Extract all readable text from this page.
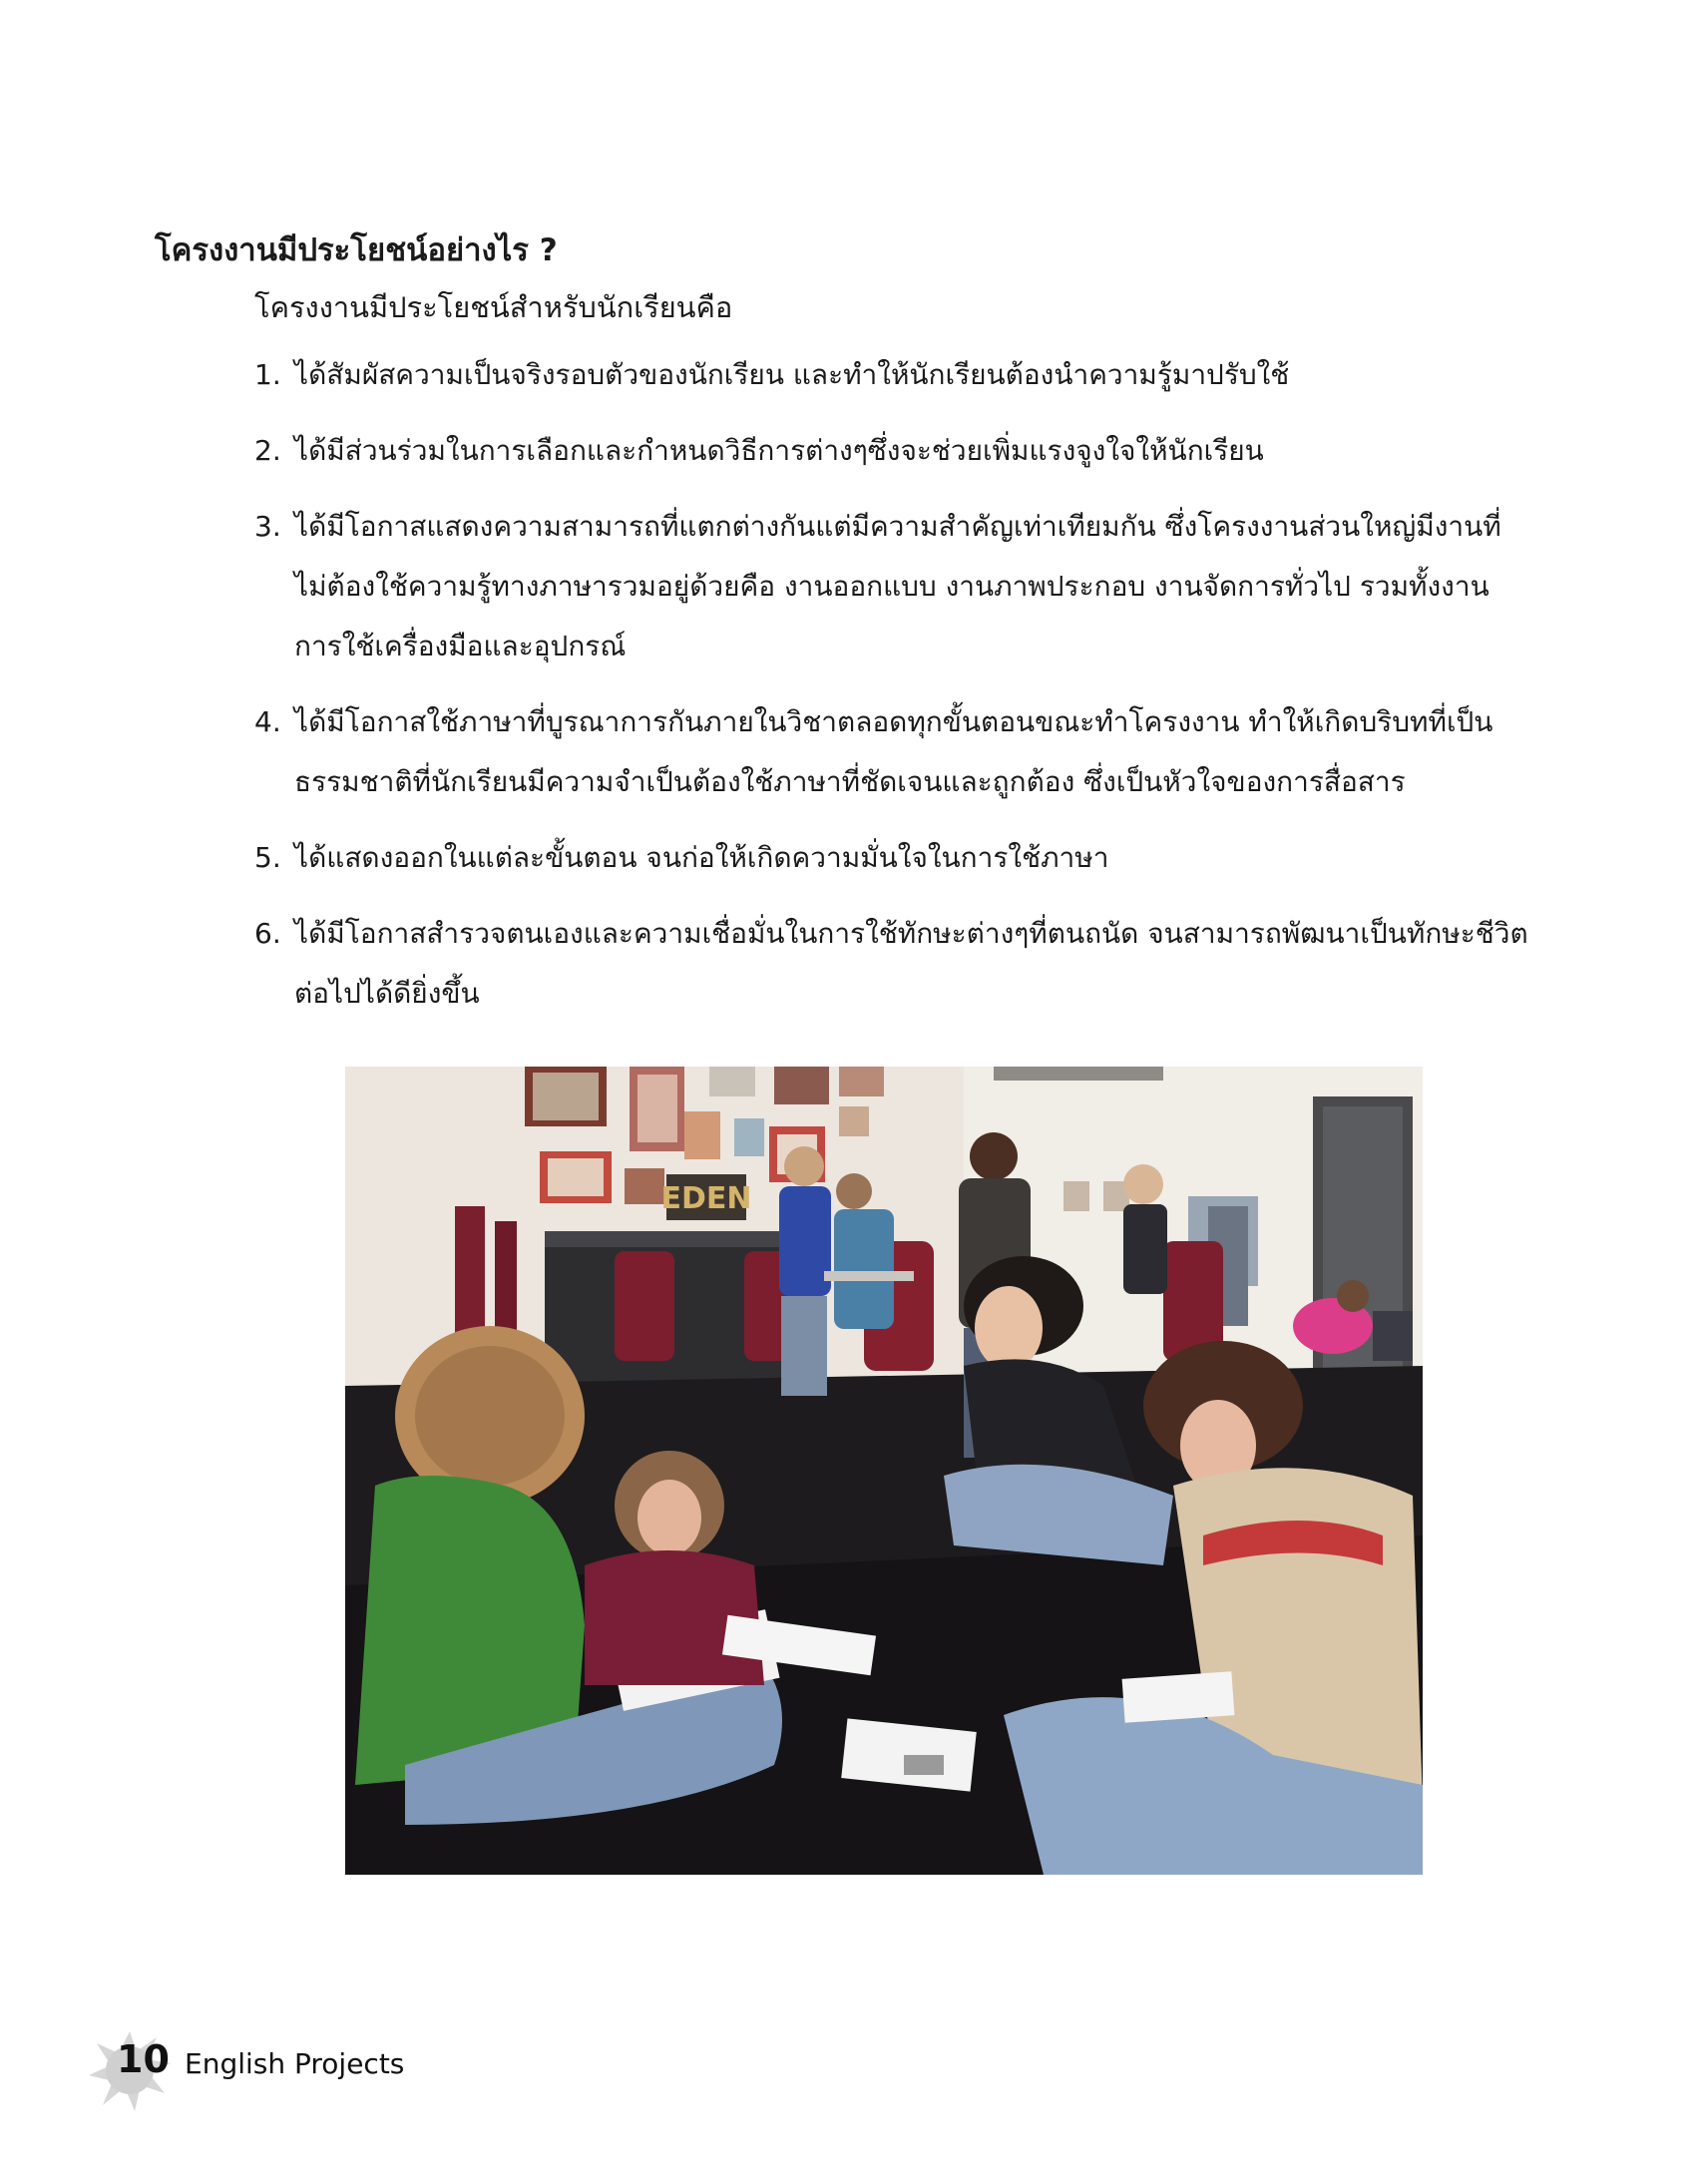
โครงงานมีประโยชน์อย่างไร ?
โครงงานมีประโยชน์สำหรับนักเรียนคือ
1. ได้สัมผัสความเป็นจริงรอบตัวของนักเรียน และทำให้นักเรียนต้องนำความรู้มาปรับใช้
2. ได้มีส่วนร่วมในการเลือกและกำหนดวิธีการต่างๆซึ่งจะช่วยเพิ่มแรงจูงใจให้นักเรียน
3. ได้มีโอกาสแสดงความสามารถที่แตกต่างกันแต่มีความสำคัญเท่าเทียมกัน ซึ่งโครงงานส่วนใหญ่มีงานที่
ไม่ต้องใช้ความรู้ทางภาษารวมอยู่ด้วยคือ งานออกแบบ งานภาพประกอบ งานจัดการทั่วไป รวมทั้งงาน
การใช้เครื่องมือและอุปกรณ์
4. ได้มีโอกาสใช้ภาษาที่บูรณาการกันภายในวิชาตลอดทุกขั้นตอนขณะทำโครงงาน ทำให้เกิดบริบทที่เป็น
ธรรมชาติที่นักเรียนมีความจำเป็นต้องใช้ภาษาที่ชัดเจนและถูกต้อง ซึ่งเป็นหัวใจของการสื่อสาร
5. ได้แสดงออกในแต่ละขั้นตอน จนก่อให้เกิดความมั่นใจในการใช้ภาษา
6. ได้มีโอกาสสำรวจตนเองและความเชื่อมั่นในการใช้ทักษะต่างๆที่ตนถนัด จนสามารถพัฒนาเป็นทักษะชีวิต
ต่อไปได้ดียิ่งขึ้น
EDEN
10 English Projects
